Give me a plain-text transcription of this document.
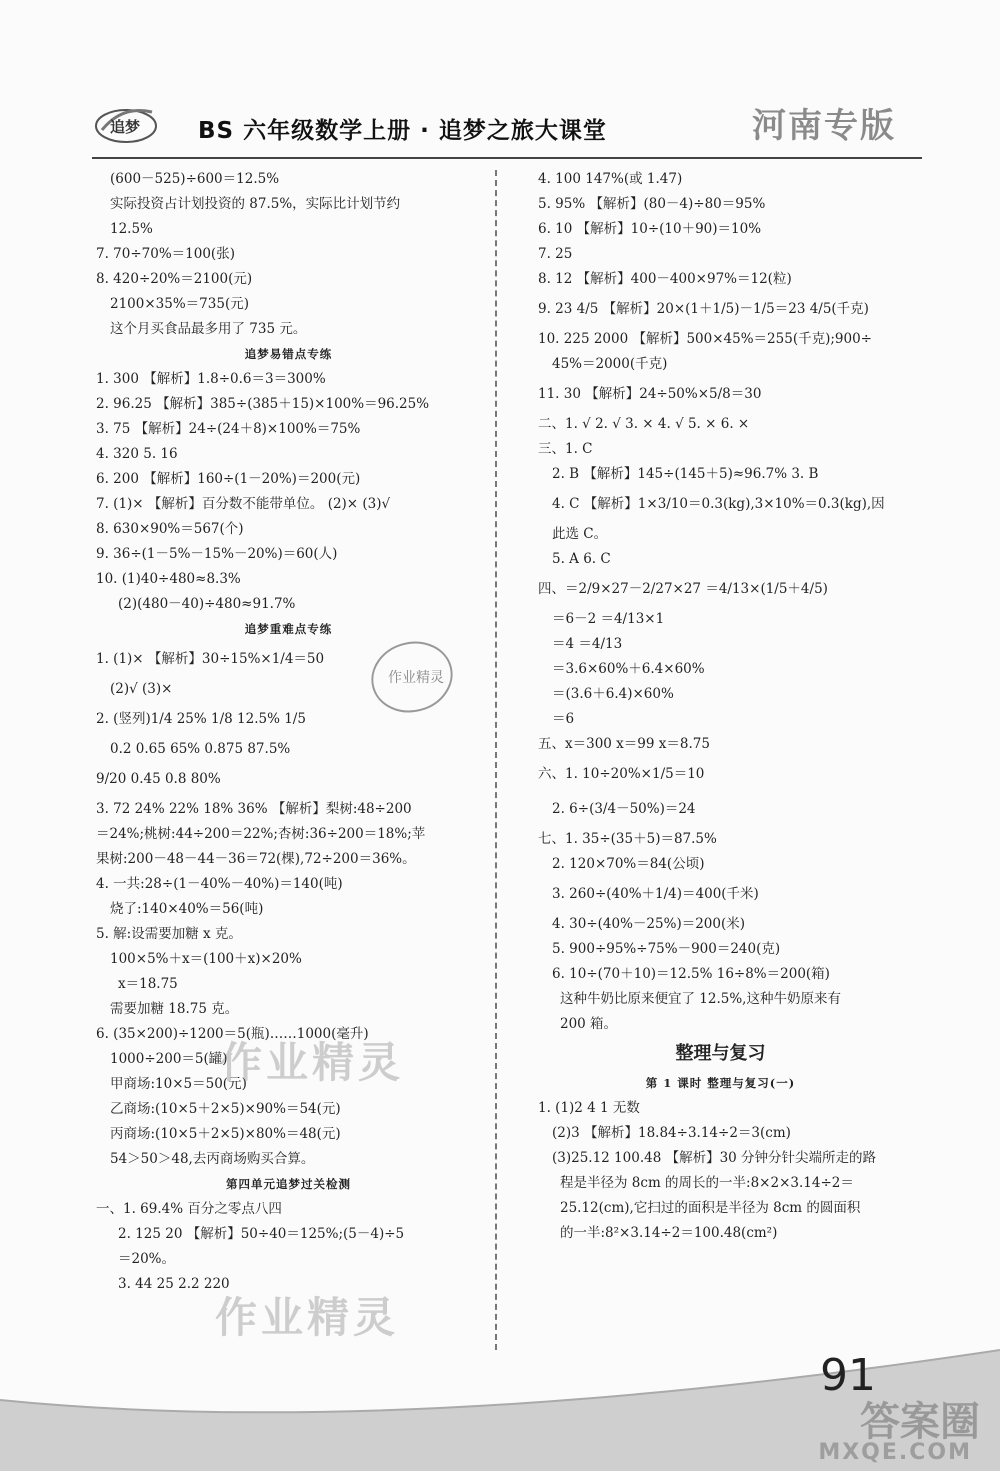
追梦	BS 六年级数学上册 · 追梦之旅大课堂	河南专版
(600－525)÷600＝12.5%
实际投资占计划投资的 87.5%，实际比计划节约
12.5%
7. 70÷70%＝100(张)
8. 420÷20%＝2100(元)
2100×35%＝735(元)
这个月买食品最多用了 735 元。
追梦易错点专练
1. 300 【解析】1.8÷0.6＝3＝300%
2. 96.25 【解析】385÷(385＋15)×100%＝96.25%
3. 75 【解析】24÷(24＋8)×100%＝75%
4. 320 5. 16
6. 200 【解析】160÷(1－20%)＝200(元)
7. (1)× 【解析】百分数不能带单位。 (2)× (3)√
8. 630×90%＝567(个)
9. 36÷(1－5%－15%－20%)＝60(人)
10. (1)40÷480≈8.3%
(2)(480－40)÷480≈91.7%
追梦重难点专练
1. (1)× 【解析】30÷15%×1/4＝50
(2)√ (3)×
2. (竖列)1/4 25% 1/8 12.5% 1/5
0.2 0.65 65% 0.875 87.5%
9/20 0.45 0.8 80%
3. 72 24% 22% 18% 36% 【解析】梨树:48÷200
＝24%;桃树:44÷200＝22%;杏树:36÷200＝18%;苹
果树:200－48－44－36＝72(棵),72÷200＝36%。
4. 一共:28÷(1－40%－40%)＝140(吨)
烧了:140×40%＝56(吨)
5. 解:设需要加糖 x 克。
100×5%＋x＝(100＋x)×20%
x＝18.75
需要加糖 18.75 克。
6. (35×200)÷1200＝5(瓶)……1000(毫升)
1000÷200＝5(罐)
甲商场:10×5＝50(元)
乙商场:(10×5＋2×5)×90%＝54(元)
丙商场:(10×5＋2×5)×80%＝48(元)
54＞50＞48,去丙商场购买合算。
第四单元追梦过关检测
一、1. 69.4% 百分之零点八四
2. 125 20 【解析】50÷40＝125%;(5－4)÷5
＝20%。
3. 44 25 2.2 220
4. 100 147%(或 1.47)
5. 95% 【解析】(80－4)÷80＝95%
6. 10 【解析】10÷(10＋90)＝10%
7. 25
8. 12 【解析】400－400×97%＝12(粒)
9. 23 4/5 【解析】20×(1＋1/5)－1/5＝23 4/5(千克)
10. 225 2000 【解析】500×45%＝255(千克);900÷
45%＝2000(千克)
11. 30 【解析】24÷50%×5/8＝30
二、1. √ 2. √ 3. × 4. √ 5. × 6. ×
三、1. C
2. B 【解析】145÷(145＋5)≈96.7% 3. B
4. C 【解析】1×3/10＝0.3(kg),3×10%＝0.3(kg),因
此选 C。
5. A 6. C
四、＝2/9×27－2/27×27 ＝4/13×(1/5＋4/5)
＝6－2 ＝4/13×1
＝4 ＝4/13
＝3.6×60%＋6.4×60%
＝(3.6＋6.4)×60%
＝6
五、x＝300 x＝99 x＝8.75
六、1. 10÷20%×1/5＝10
2. 6÷(3/4－50%)＝24
七、1. 35÷(35＋5)＝87.5%
2. 120×70%＝84(公顷)
3. 260÷(40%＋1/4)＝400(千米)
4. 30÷(40%－25%)＝200(米)
5. 900÷95%÷75%－900＝240(克)
6. 10÷(70＋10)＝12.5% 16÷8%＝200(箱)
这种牛奶比原来便宜了 12.5%,这种牛奶原来有
200 箱。
整理与复习
第 1 课时 整理与复习(一)
1. (1)2 4 1 无数
(2)3 【解析】18.84÷3.14÷2＝3(cm)
(3)25.12 100.48 【解析】30 分钟分针尖端所走的路
程是半径为 8cm 的周长的一半:8×2×3.14÷2＝
25.12(cm),它扫过的面积是半径为 8cm 的圆面积
的一半:8²×3.14÷2＝100.48(cm²)
作业精灵
作业精灵
作业精灵
91
答案圈
MXQE.COM
